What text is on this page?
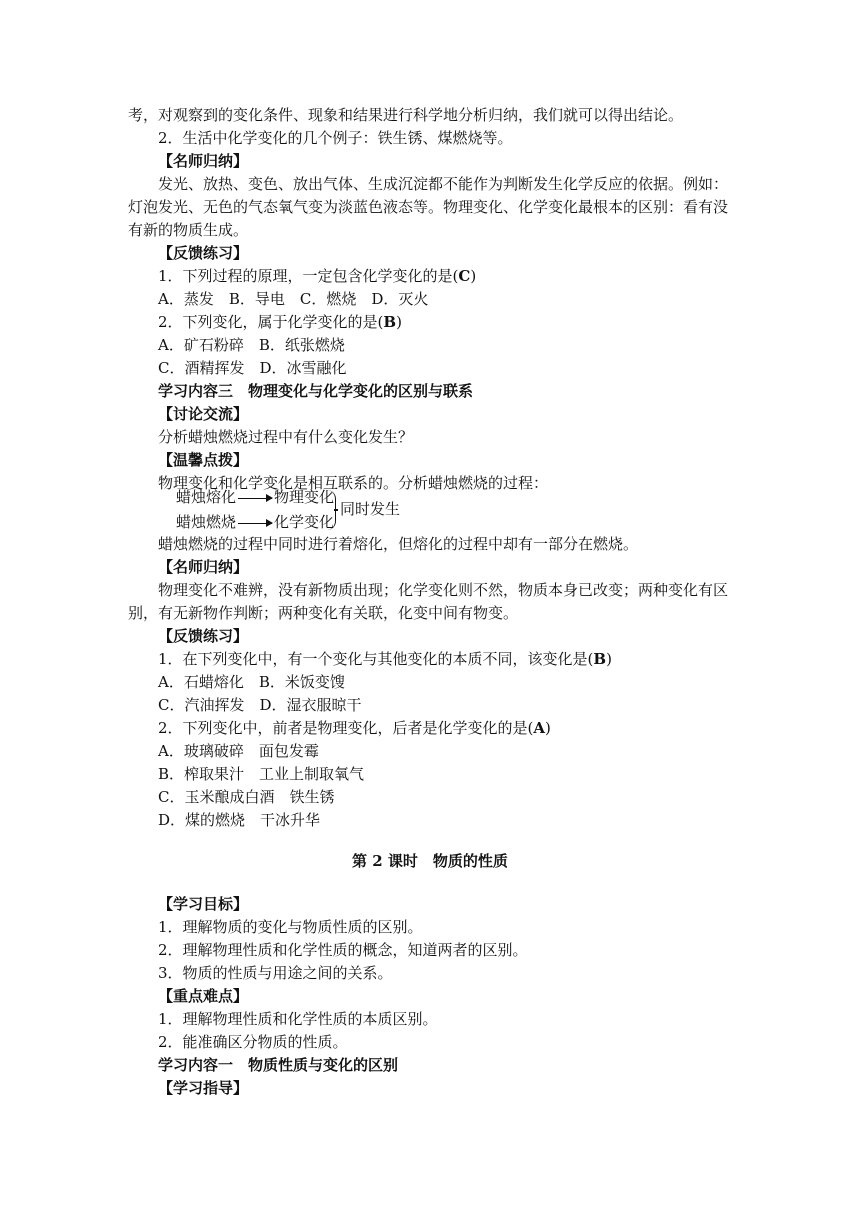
考，对观察到的变化条件、现象和结果进行科学地分析归纳，我们就可以得出结论。
2．生活中化学变化的几个例子：铁生锈、煤燃烧等。
【名师归纳】
发光、放热、变色、放出气体、生成沉淀都不能作为判断发生化学反应的依据。例如：
灯泡发光、无色的气态氧气变为淡蓝色液态等。物理变化、化学变化最根本的区别：看有没
有新的物质生成。
【反馈练习】
1．下列过程的原理，一定包含化学变化的是(C)
A．蒸发　B．导电　C．燃烧　D．灭火
2．下列变化，属于化学变化的是(B)
A．矿石粉碎　B．纸张燃烧
C．酒精挥发　D．冰雪融化
学习内容三　物理变化与化学变化的区别与联系
【讨论交流】
分析蜡烛燃烧过程中有什么变化发生？
【温馨点拨】
物理变化和化学变化是相互联系的。分析蜡烛燃烧的过程：
蜡烛熔化	物理变化
蜡烛燃烧	化学变化
同时发生
蜡烛燃烧的过程中同时进行着熔化，但熔化的过程中却有一部分在燃烧。
【名师归纳】
物理变化不难辨，没有新物质出现；化学变化则不然，物质本身已改变；两种变化有区
别，有无新物作判断；两种变化有关联，化变中间有物变。
【反馈练习】
1．在下列变化中，有一个变化与其他变化的本质不同，该变化是(B)
A．石蜡熔化　B．米饭变馊
C．汽油挥发　D．湿衣服晾干
2．下列变化中，前者是物理变化，后者是化学变化的是(A)
A．玻璃破碎　面包发霉
B．榨取果汁　工业上制取氧气
C．玉米酿成白酒　铁生锈
D．煤的燃烧　干冰升华
第 2 课时　物质的性质
【学习目标】
1．理解物质的变化与物质性质的区别。
2．理解物理性质和化学性质的概念，知道两者的区别。
3．物质的性质与用途之间的关系。
【重点难点】
1．理解物理性质和化学性质的本质区别。
2．能准确区分物质的性质。
学习内容一　物质性质与变化的区别
【学习指导】
